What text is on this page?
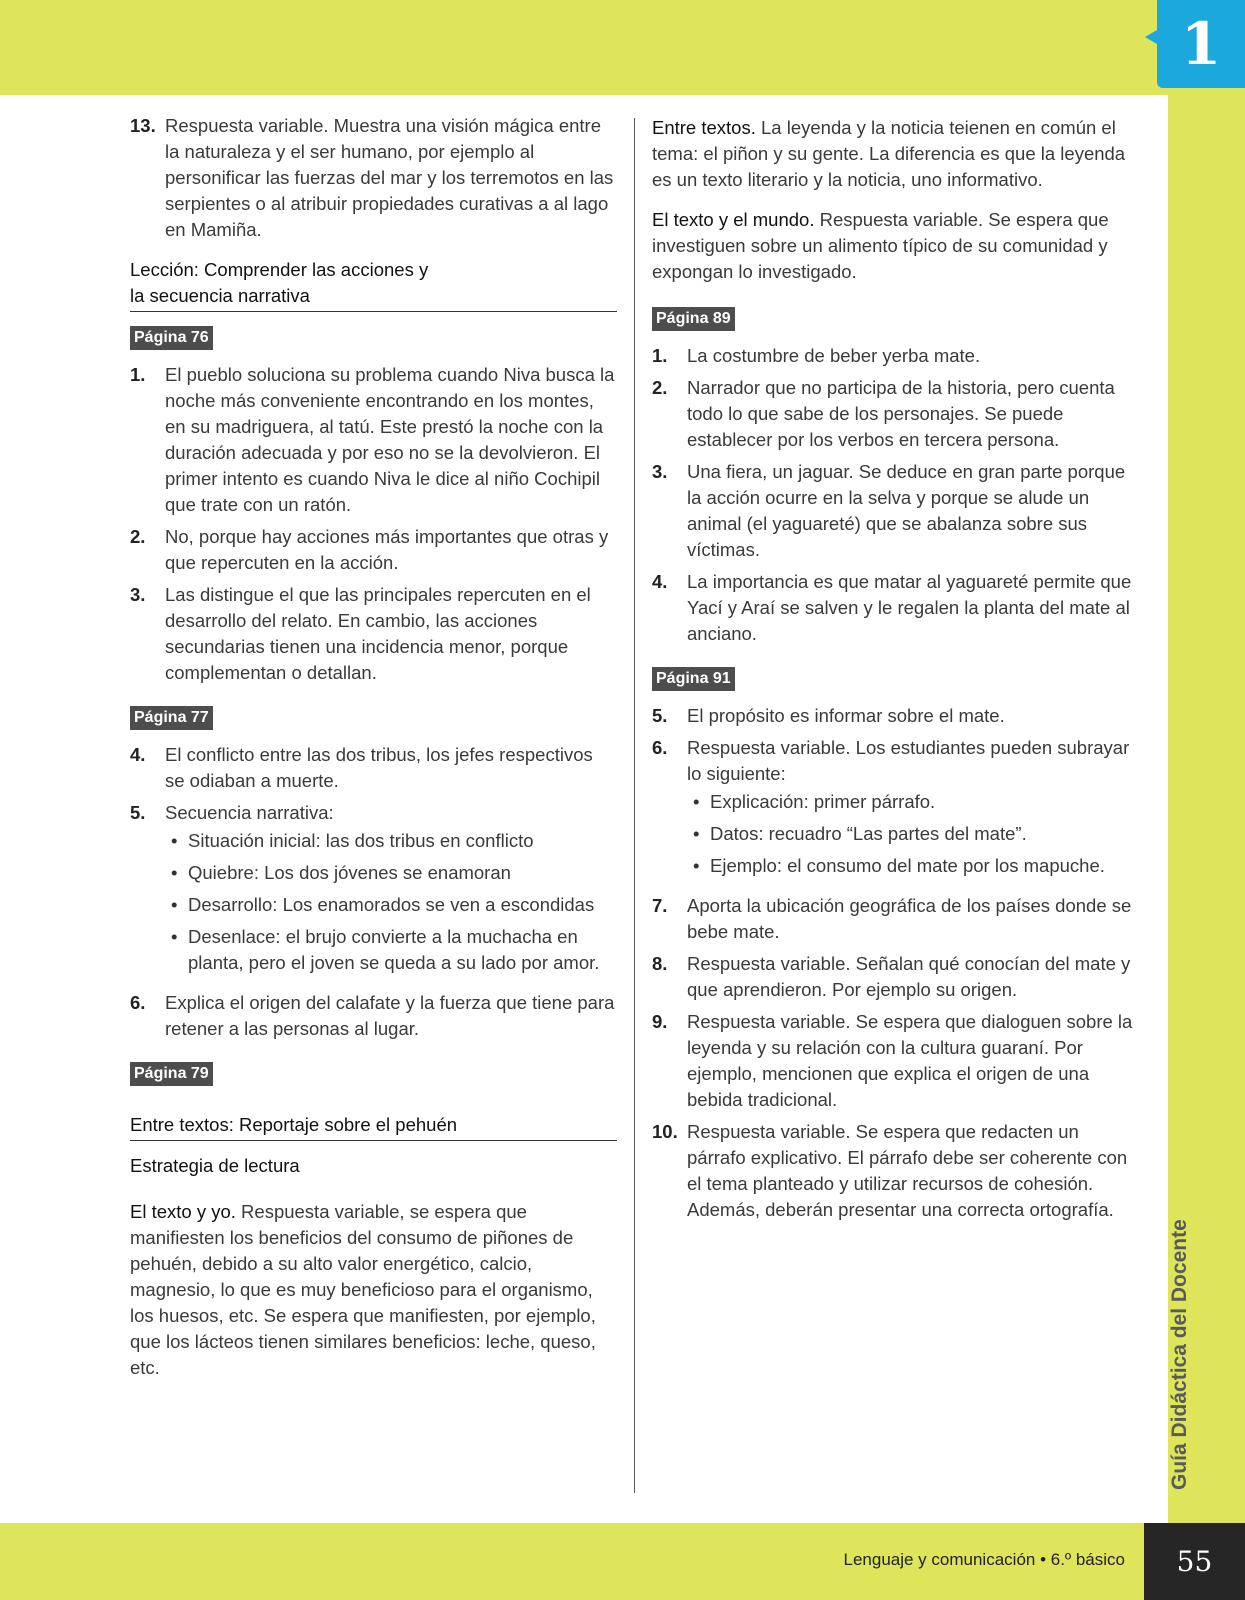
1
Guía Didáctica del Docente
Lenguaje y comunicación • 6.º básico	55
13. Respuesta variable. Muestra una visión mágica entre la naturaleza y el ser humano, por ejemplo al personificar las fuerzas del mar y los terremotos en las serpientes o al atribuir propiedades curativas a al lago en Mamiña.
Lección: Comprender las acciones y
la secuencia narrativa
Página 76
1.	El pueblo soluciona su problema cuando Niva busca la noche más conveniente encontrando en los montes, en su madriguera, al tatú. Este prestó la noche con la duración adecuada y por eso no se la devolvieron. El primer intento es cuando Niva le dice al niño Cochipil que trate con un ratón.
2.	No, porque hay acciones más importantes que otras y que repercuten en la acción.
3.	Las distingue el que las principales repercuten en el desarrollo del relato. En cambio, las acciones secundarias tienen una incidencia menor, porque complementan o detallan.
Página 77
4.	El conflicto entre las dos tribus, los jefes respectivos se odiaban a muerte.
5.	Secuencia narrativa:
• Situación inicial: las dos tribus en conflicto
• Quiebre: Los dos jóvenes se enamoran
• Desarrollo: Los enamorados se ven a escondidas
• Desenlace: el brujo convierte a la muchacha en planta, pero el joven se queda a su lado por amor.
6.	Explica el origen del calafate y la fuerza que tiene para retener a las personas al lugar.
Página 79
Entre textos: Reportaje sobre el pehuén
Estrategia de lectura

El texto y yo. Respuesta variable, se espera que manifiesten los beneficios del consumo de piñones de pehuén, debido a su alto valor energético, calcio, magnesio, lo que es muy beneficioso para el organismo, los huesos, etc. Se espera que manifiesten, por ejemplo, que los lácteos tienen similares beneficios: leche, queso, etc.

Entre textos. La leyenda y la noticia teienen en común el tema: el piñon y su gente. La diferencia es que la leyenda es un texto literario y la noticia, uno informativo.

El texto y el mundo. Respuesta variable. Se espera que investiguen sobre un alimento típico de su comunidad y expongan lo investigado.

Página 89
1.	La costumbre de beber yerba mate.
2.	Narrador que no participa de la historia, pero cuenta todo lo que sabe de los personajes. Se puede establecer por los verbos en tercera persona.
3.	Una fiera, un jaguar. Se deduce en gran parte porque la acción ocurre en la selva y porque se alude un animal (el yaguareté) que se abalanza sobre sus víctimas.
4.	La importancia es que matar al yaguareté permite que Yací y Araí se salven y le regalen la planta del mate al anciano.
Página 91
5.	El propósito es informar sobre el mate.
6.	Respuesta variable. Los estudiantes pueden subrayar lo siguiente:
• Explicación: primer párrafo.
• Datos: recuadro “Las partes del mate”.
• Ejemplo: el consumo del mate por los mapuche.
7.	Aporta la ubicación geográfica de los países donde se bebe mate.
8.	Respuesta variable. Señalan qué conocían del mate y que aprendieron. Por ejemplo su origen.
9.	Respuesta variable. Se espera que dialoguen sobre la leyenda y su relación con la cultura guaraní. Por ejemplo, mencionen que explica el origen de una bebida tradicional.
10. Respuesta variable. Se espera que redacten un párrafo explicativo. El párrafo debe ser coherente con el tema planteado y utilizar recursos de cohesión. Además, deberán presentar una correcta ortografía.
